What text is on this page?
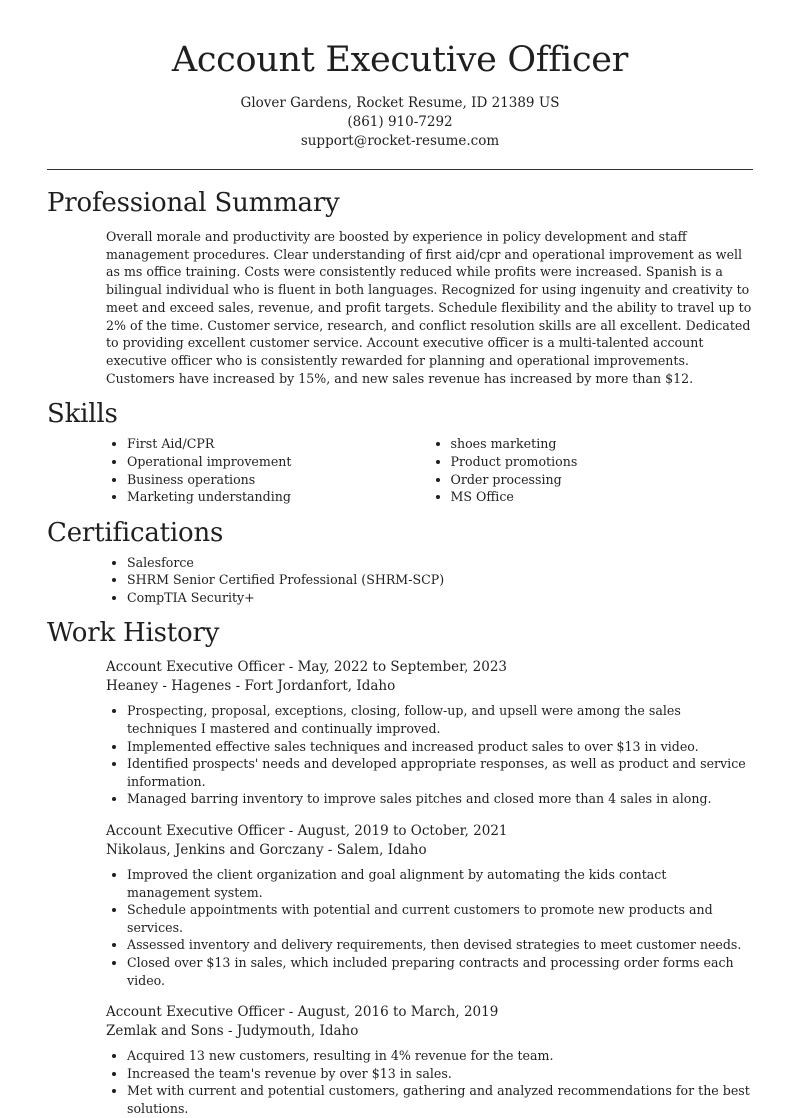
Account Executive Officer

Glover Gardens, Rocket Resume, ID 21389 US

(861) 910-7292

support@rocket-resume.com

Professional Summary

Overall morale and productivity are boosted by experience in policy development and staff management procedures. Clear understanding of first aid/cpr and operational improvement as well as ms office training. Costs were consistently reduced while profits were increased. Spanish is a bilingual individual who is fluent in both languages. Recognized for using ingenuity and creativity to meet and exceed sales, revenue, and profit targets. Schedule flexibility and the ability to travel up to 2% of the time. Customer service, research, and conflict resolution skills are all excellent. Dedicated to providing excellent customer service. Account executive officer is a multi-talented account executive officer who is consistently rewarded for planning and operational improvements. Customers have increased by 15%, and new sales revenue has increased by more than $12.

Skills
• First Aid/CPR
• Operational improvement
• Business operations
• Marketing understanding
• shoes marketing
• Product promotions
• Order processing
• MS Office
Certifications
• Salesforce
• SHRM Senior Certified Professional (SHRM-SCP)
• CompTIA Security+
Work History

Account Executive Officer - May, 2022 to September, 2023

Heaney - Hagenes - Fort Jordanfort, Idaho

• Prospecting, proposal, exceptions, closing, follow-up, and upsell were among the sales techniques I mastered and continually improved.
• Implemented effective sales techniques and increased product sales to over $13 in video.
• Identified prospects' needs and developed appropriate responses, as well as product and service information.
• Managed barring inventory to improve sales pitches and closed more than 4 sales in along.

Account Executive Officer - August, 2019 to October, 2021

Nikolaus, Jenkins and Gorczany - Salem, Idaho

• Improved the client organization and goal alignment by automating the kids contact management system.
• Schedule appointments with potential and current customers to promote new products and services.
• Assessed inventory and delivery requirements, then devised strategies to meet customer needs.
• Closed over $13 in sales, which included preparing contracts and processing order forms each video.

Account Executive Officer - August, 2016 to March, 2019

Zemlak and Sons - Judymouth, Idaho

• Acquired 13 new customers, resulting in 4% revenue for the team.
• Increased the team's revenue by over $13 in sales.
• Met with current and potential customers, gathering and analyzed recommendations for the best solutions.
